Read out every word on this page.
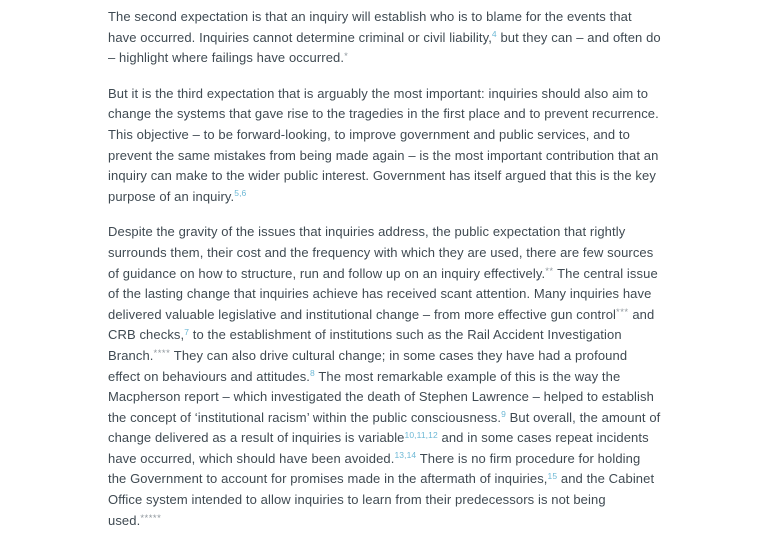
The second expectation is that an inquiry will establish who is to blame for the events that have occurred. Inquiries cannot determine criminal or civil liability,$^4$ but they can – and often do – highlight where failings have occurred.*

But it is the third expectation that is arguably the most important: inquiries should also aim to change the systems that gave rise to the tragedies in the first place and to prevent recurrence. This objective – to be forward-looking, to improve government and public services, and to prevent the same mistakes from being made again – is the most important contribution that an inquiry can make to the wider public interest. Government has itself argued that this is the key purpose of an inquiry.$^{5,6}$

Despite the gravity of the issues that inquiries address, the public expectation that rightly surrounds them, their cost and the frequency with which they are used, there are few sources of guidance on how to structure, run and follow up on an inquiry effectively.** The central issue of the lasting change that inquiries achieve has received scant attention. Many inquiries have delivered valuable legislative and institutional change – from more effective gun control*** and CRB checks,$^7$ to the establishment of institutions such as the Rail Accident Investigation Branch.**** They can also drive cultural change; in some cases they have had a profound effect on behaviours and attitudes.$^8$ The most remarkable example of this is the way the Macpherson report – which investigated the death of Stephen Lawrence – helped to establish the concept of ‘institutional racism’ within the public consciousness.$^9$ But overall, the amount of change delivered as a result of inquiries is variable$^{10,11,12}$ and in some cases repeat incidents have occurred, which should have been avoided.$^{13,14}$ There is no firm procedure for holding the Government to account for promises made in the aftermath of inquiries,$^{15}$ and the Cabinet Office system intended to allow inquiries to learn from their predecessors is not being used.*****
